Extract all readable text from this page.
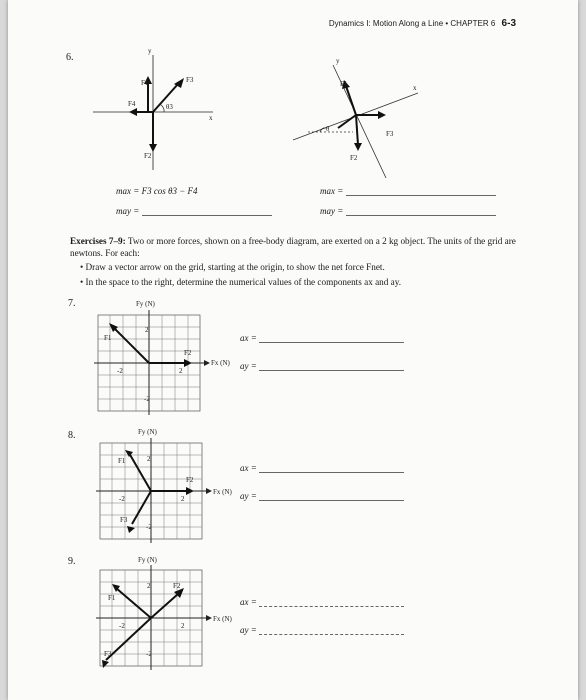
Dynamics I: Motion Along a Line • CHAPTER 6 6-3
6.
y
x
θ3
F1	F3
F4
F2
y
x
θ
F1
F3
F2
max = F3 cos θ3 − F4
may =
max =
may =
Exercises 7–9: Two or more forces, shown on a free-body diagram, are exerted on a 2 kg object. The units of the grid are newtons. For each:
• Draw a vector arrow on the grid, starting at the origin, to show the net force Fnet.
• In the space to the right, determine the numerical values of the components ax and ay.
7.	Fy (N)
Fx (N)
2
2
-2
-2
F1
F2
ax =
ay =
8.	Fy (N)
Fx (N)
2
2
-2
-2
F1
F2
F3
ax =
ay =
9.	Fy (N)
Fx (N)
2
2
-2
-2
F1
F2
F3
ax =
ay =
